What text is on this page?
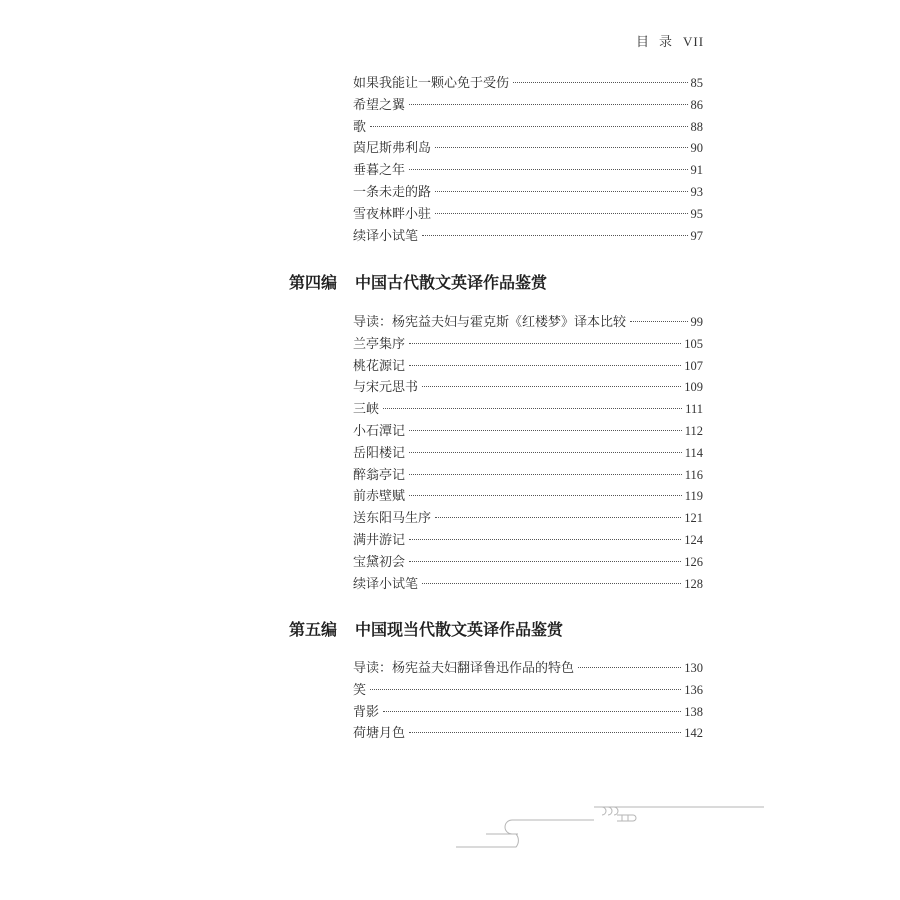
目 录 VII
如果我能让一颗心免于受伤	85
希望之翼	86
歌	88
茵尼斯弗利岛	90
垂暮之年	91
一条未走的路	93
雪夜林畔小驻	95
续译小试笔	97
第四编 中国古代散文英译作品鉴赏
导读：杨宪益夫妇与霍克斯《红楼梦》译本比较	99
兰亭集序	105
桃花源记	107
与宋元思书	109
三峡	111
小石潭记	112
岳阳楼记	114
醉翁亭记	116
前赤壁赋	119
送东阳马生序	121
满井游记	124
宝黛初会	126
续译小试笔	128
第五编 中国现当代散文英译作品鉴赏
导读：杨宪益夫妇翻译鲁迅作品的特色	130
笑	136
背影	138
荷塘月色	142
